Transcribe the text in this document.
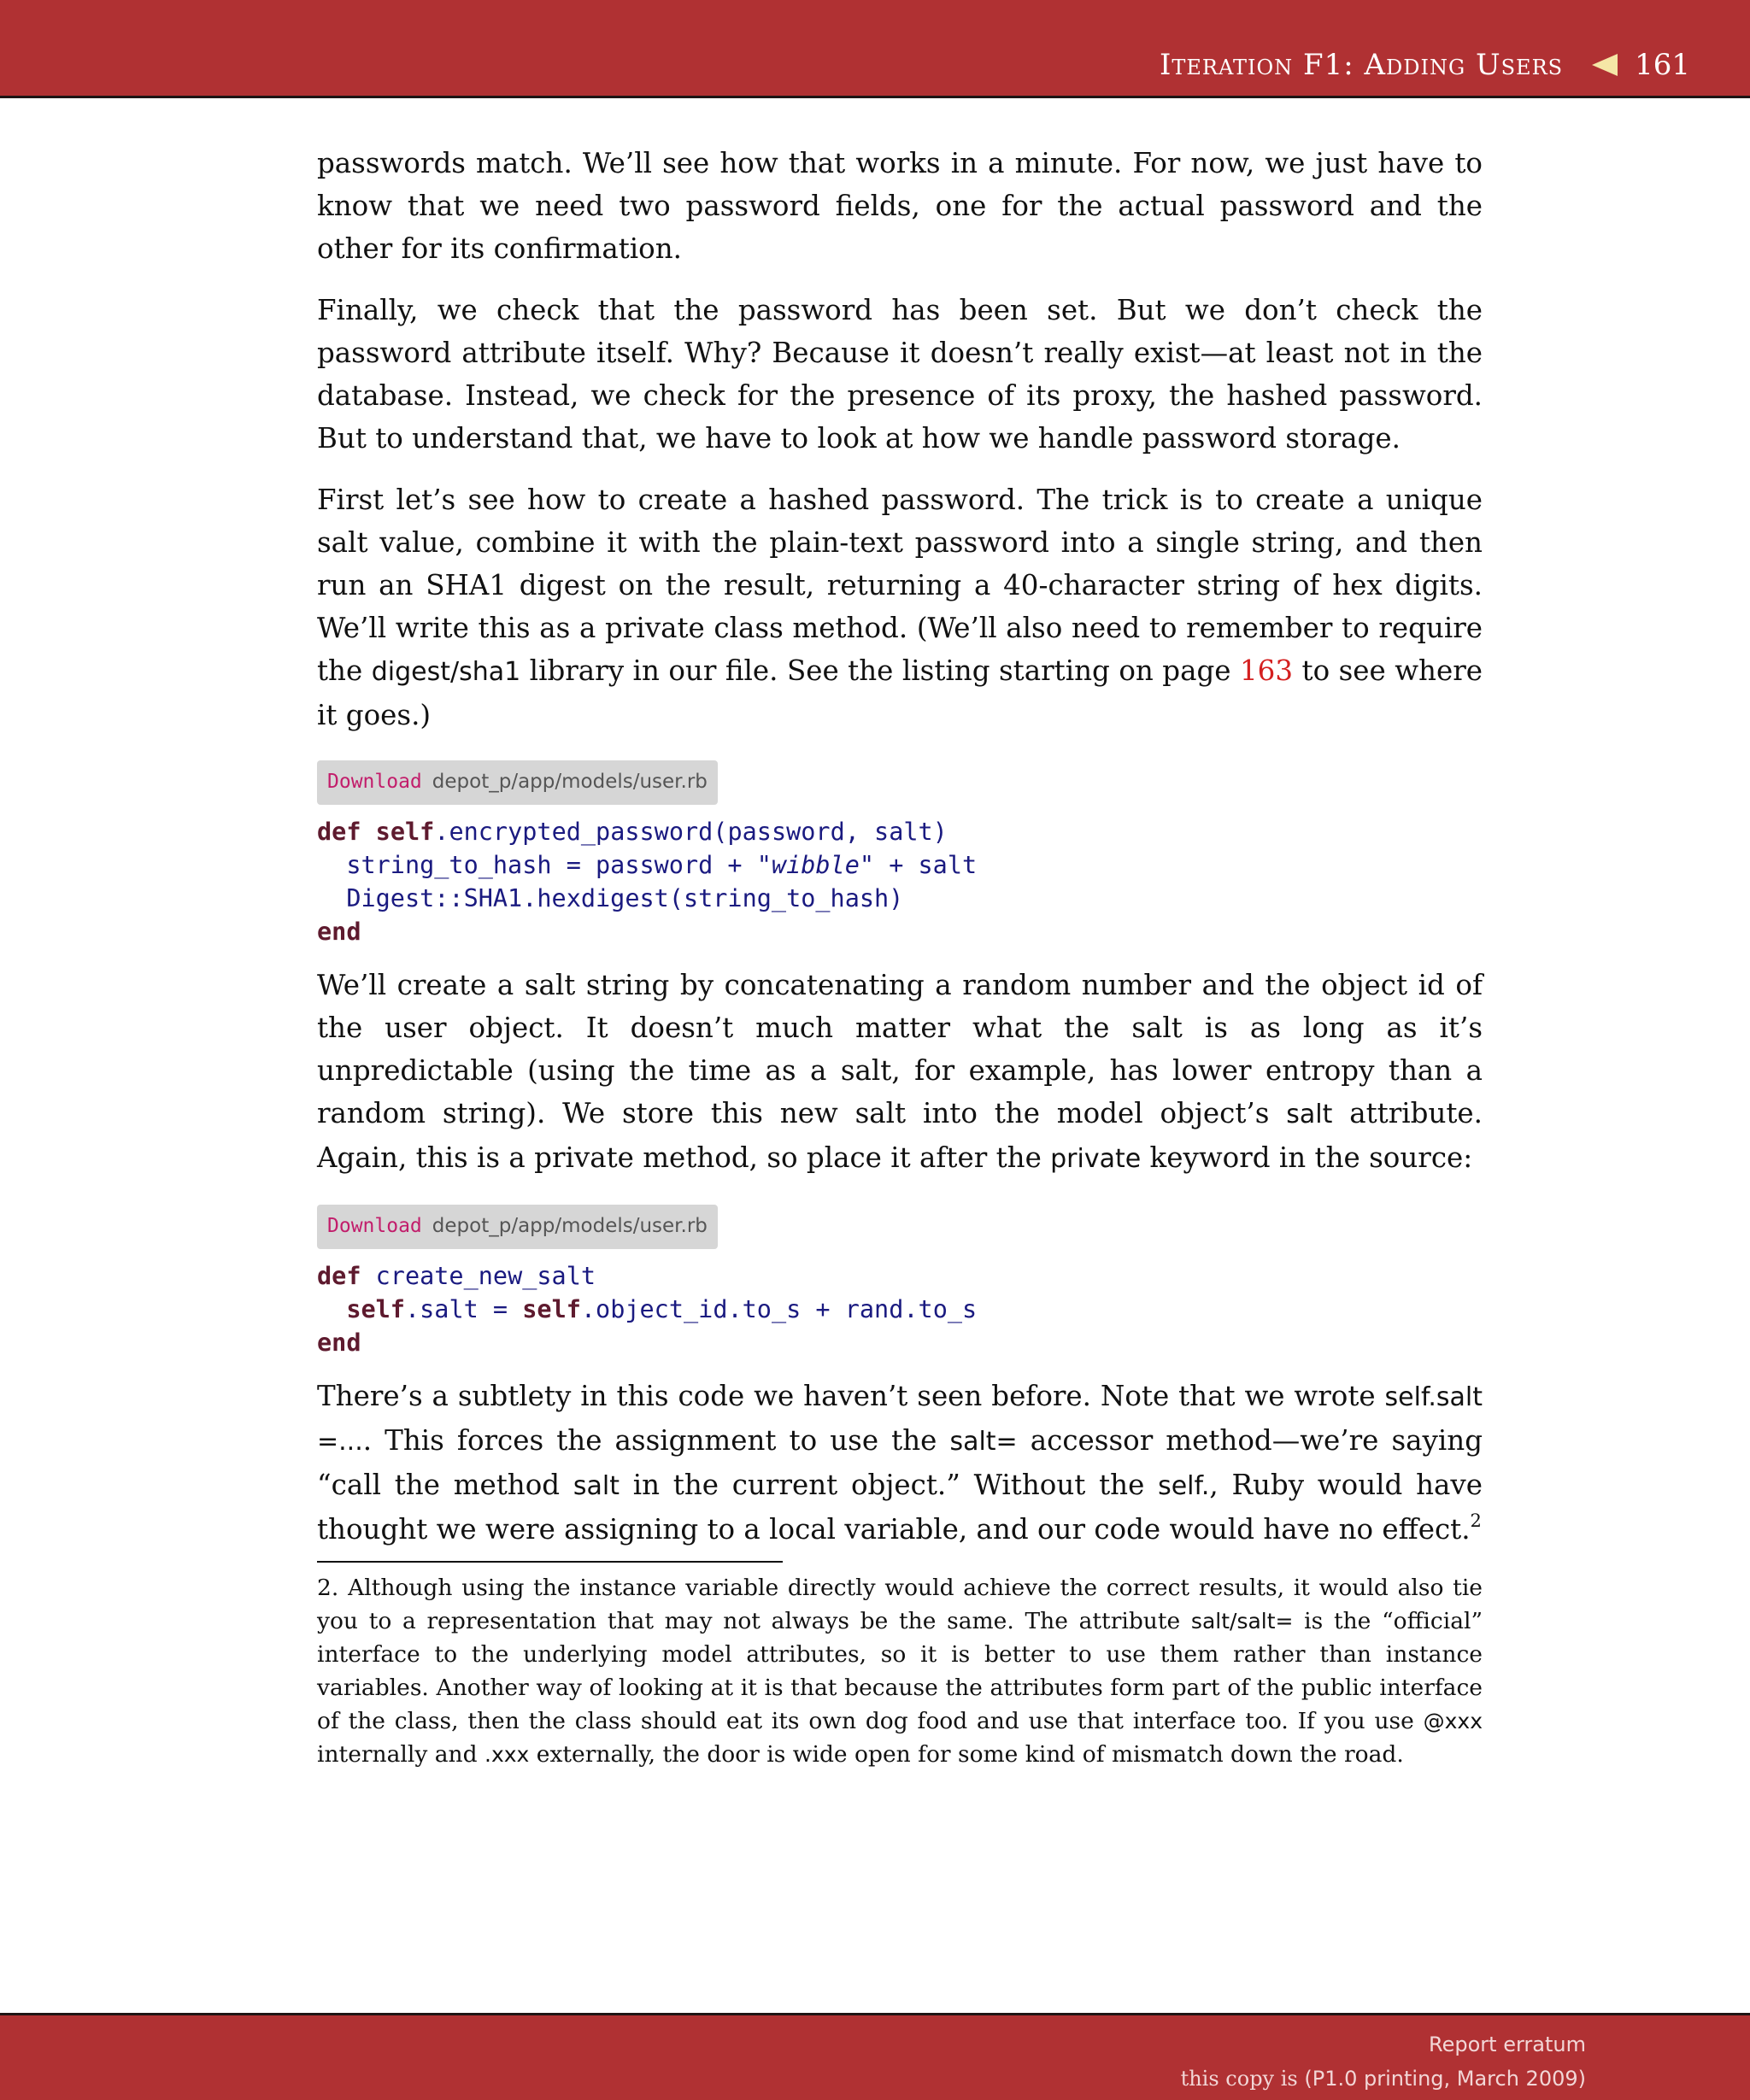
Iteration F1: Adding Users 161

passwords match. We’ll see how that works in a minute. For now, we just have to know that we need two password fields, one for the actual password and the other for its confirmation.

Finally, we check that the password has been set. But we don’t check the password attribute itself. Why? Because it doesn’t really exist—at least not in the database. Instead, we check for the presence of its proxy, the hashed password. But to understand that, we have to look at how we handle password storage.

First let’s see how to create a hashed password. The trick is to create a unique salt value, combine it with the plain-text password into a single string, and then run an SHA1 digest on the result, returning a 40-character string of hex digits. We’ll write this as a private class method. (We’ll also need to remember to require the digest/sha1 library in our file. See the listing starting on page 163 to see where it goes.)

Download depot_p/app/models/user.rb
def self.encrypted_password(password, salt)
string_to_hash = password + "wibble" + salt
Digest::SHA1.hexdigest(string_to_hash)
end

We’ll create a salt string by concatenating a random number and the object id of the user object. It doesn’t much matter what the salt is as long as it’s unpredictable (using the time as a salt, for example, has lower entropy than a random string). We store this new salt into the model object’s salt attribute. Again, this is a private method, so place it after the private keyword in the source:

Download depot_p/app/models/user.rb
def create_new_salt
self.salt = self.object_id.to_s + rand.to_s
end

There’s a subtlety in this code we haven’t seen before. Note that we wrote self.salt =.... This forces the assignment to use the salt= accessor method—we’re saying “call the method salt in the current object.” Without the self., Ruby would have thought we were assigning to a local variable, and our code would have no effect.$^2$

2. Although using the instance variable directly would achieve the correct results, it would also tie you to a representation that may not always be the same. The attribute salt/salt= is the “official” interface to the underlying model attributes, so it is better to use them rather than instance variables. Another way of looking at it is that because the attributes form part of the public interface of the class, then the class should eat its own dog food and use that interface too. If you use @xxx internally and .xxx externally, the door is wide open for some kind of mismatch down the road.

Report erratum
this copy is (P1.0 printing, March 2009)
